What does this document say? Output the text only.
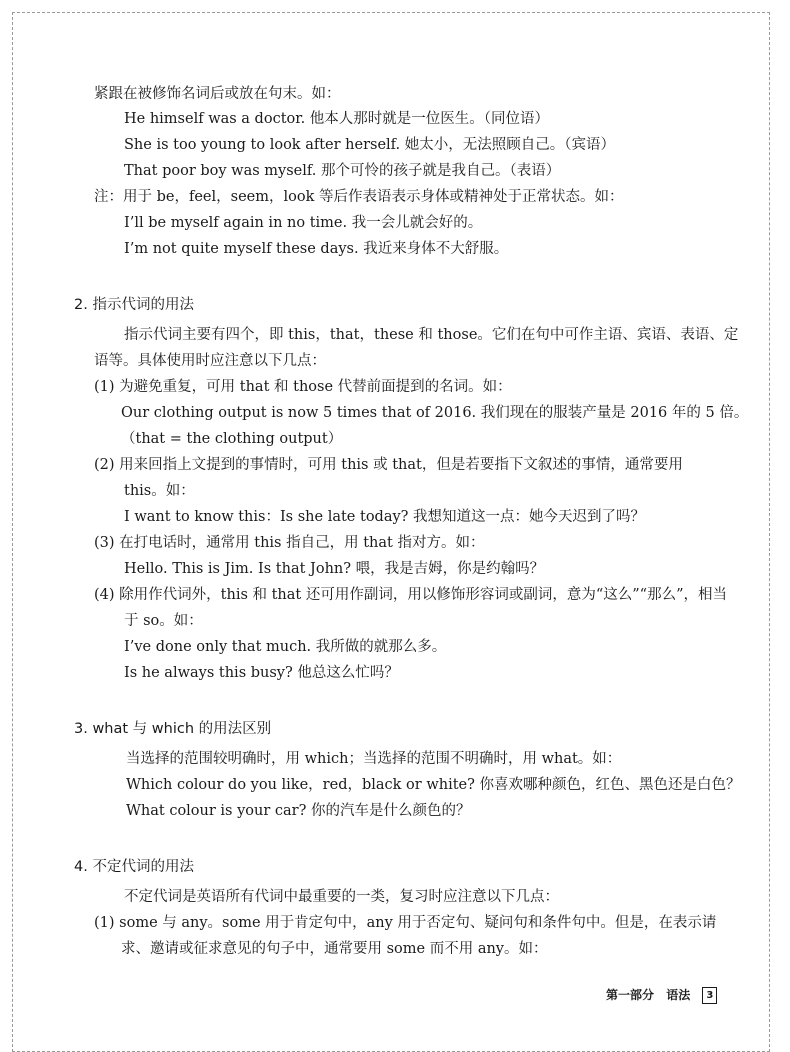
紧跟在被修饰名词后或放在句末。如：
He himself was a doctor. 他本人那时就是一位医生。（同位语）
She is too young to look after herself. 她太小，无法照顾自己。（宾语）
That poor boy was myself. 那个可怜的孩子就是我自己。（表语）
注：用于 be，feel，seem，look 等后作表语表示身体或精神处于正常状态。如：
I’ll be myself again in no time. 我一会儿就会好的。
I’m not quite myself these days. 我近来身体不大舒服。
2. 指示代词的用法
指示代词主要有四个，即 this，that，these 和 those。它们在句中可作主语、宾语、表语、定
语等。具体使用时应注意以下几点：
(1) 为避免重复，可用 that 和 those 代替前面提到的名词。如：
Our clothing output is now 5 times that of 2016. 我们现在的服装产量是 2016 年的 5 倍。
（that = the clothing output）
(2) 用来回指上文提到的事情时，可用 this 或 that，但是若要指下文叙述的事情，通常要用
this。如：
I want to know this：Is she late today? 我想知道这一点：她今天迟到了吗？
(3) 在打电话时，通常用 this 指自己，用 that 指对方。如：
Hello. This is Jim. Is that John? 喂，我是吉姆，你是约翰吗？
(4) 除用作代词外，this 和 that 还可用作副词，用以修饰形容词或副词，意为“这么”“那么”，相当
于 so。如：
I’ve done only that much. 我所做的就那么多。
Is he always this busy? 他总这么忙吗？
3. what 与 which 的用法区别
当选择的范围较明确时，用 which；当选择的范围不明确时，用 what。如：
Which colour do you like，red，black or white? 你喜欢哪种颜色，红色、黑色还是白色？
What colour is your car? 你的汽车是什么颜色的？
4. 不定代词的用法
不定代词是英语所有代词中最重要的一类，复习时应注意以下几点：
(1) some 与 any。some 用于肯定句中，any 用于否定句、疑问句和条件句中。但是，在表示请
求、邀请或征求意见的句子中，通常要用 some 而不用 any。如：
第一部分 语法 3
